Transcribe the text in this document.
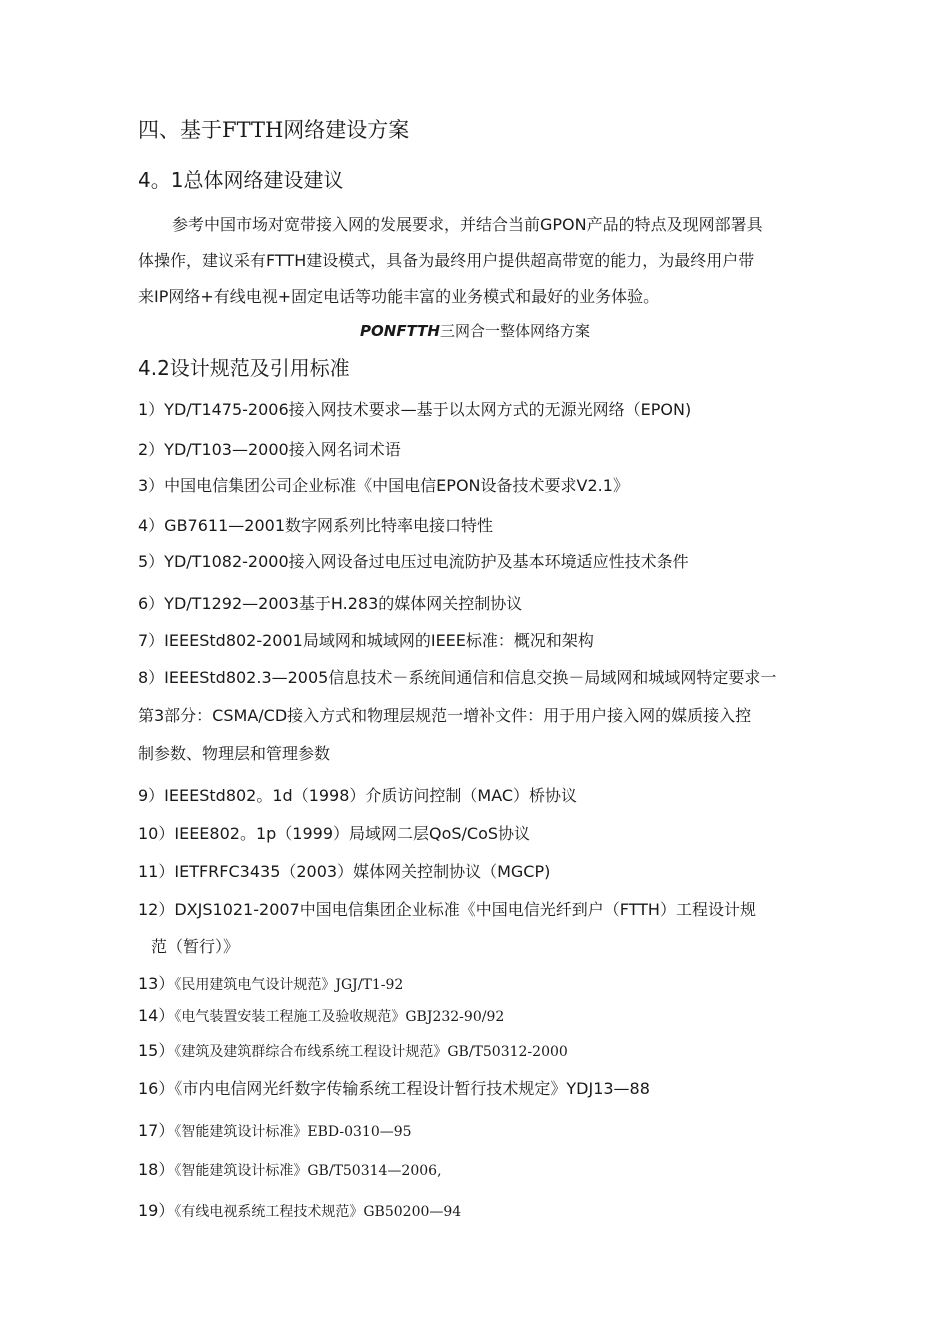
四、基于FTTH网络建设方案
4。1总体网络建设建议
参考中国市场对宽带接入网的发展要求，并结合当前GPON产品的特点及现网部署具
体操作，建议采有FTTH建设模式，具备为最终用户提供超高带宽的能力，为最终用户带
来IP网络+有线电视+固定电话等功能丰富的业务模式和最好的业务体验。
PONFTTH三网合一整体网络方案
4.2设计规范及引用标准
1）YD/T1475-2006接入网技术要求—基于以太网方式的无源光网络（EPON)
2）YD/T103—2000接入网名词术语
3）中国电信集团公司企业标准《中国电信EPON设备技术要求V2.1》
4）GB7611—2001数字网系列比特率电接口特性
5）YD/T1082-2000接入网设备过电压过电流防护及基本环境适应性技术条件
6）YD/T1292—2003基于H.283的媒体网关控制协议
7）IEEEStd802-2001局域网和城域网的IEEE标准：概况和架构
8）IEEEStd802.3—2005信息技术－系统间通信和信息交换－局域网和城域网特定要求一
第3部分：CSMA/CD接入方式和物理层规范一增补文件：用于用户接入网的媒质接入控
制参数、物理层和管理参数
9）IEEEStd802。1d（1998）介质访问控制（MAC）桥协议
10）IEEE802。1p（1999）局域网二层QoS/CoS协议
11）IETFRFC3435（2003）媒体网关控制协议（MGCP)
12）DXJS1021-2007中国电信集团企业标准《中国电信光纤到户（FTTH）工程设计规
范（暂行）》
13）《民用建筑电气设计规范》JGJ/T1-92
14）《电气装置安装工程施工及验收规范》GBJ232-90/92
15）《建筑及建筑群综合布线系统工程设计规范》GB/T50312-2000
16）《市内电信网光纤数字传输系统工程设计暂行技术规定》YDJ13—88
17）《智能建筑设计标准》EBD-0310—95
18）《智能建筑设计标准》GB/T50314—2006,
19）《有线电视系统工程技术规范》GB50200—94
